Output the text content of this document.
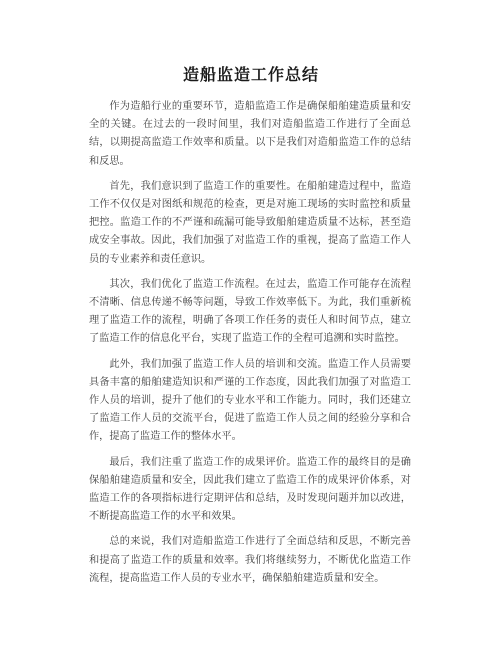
造船监造工作总结

作为造船行业的重要环节，造船监造工作是确保船舶建造质量和安全的关键。在过去的一段时间里，我们对造船监造工作进行了全面总结，以期提高监造工作效率和质量。以下是我们对造船监造工作的总结和反思。

首先，我们意识到了监造工作的重要性。在船舶建造过程中，监造工作不仅仅是对图纸和规范的检查，更是对施工现场的实时监控和质量把控。监造工作的不严谨和疏漏可能导致船舶建造质量不达标，甚至造成安全事故。因此，我们加强了对监造工作的重视，提高了监造工作人员的专业素养和责任意识。

其次，我们优化了监造工作流程。在过去，监造工作可能存在流程不清晰、信息传递不畅等问题，导致工作效率低下。为此，我们重新梳理了监造工作的流程，明确了各项工作任务的责任人和时间节点，建立了监造工作的信息化平台，实现了监造工作的全程可追溯和实时监控。

此外，我们加强了监造工作人员的培训和交流。监造工作人员需要具备丰富的船舶建造知识和严谨的工作态度，因此我们加强了对监造工作人员的培训，提升了他们的专业水平和工作能力。同时，我们还建立了监造工作人员的交流平台，促进了监造工作人员之间的经验分享和合作，提高了监造工作的整体水平。

最后，我们注重了监造工作的成果评价。监造工作的最终目的是确保船舶建造质量和安全，因此我们建立了监造工作的成果评价体系，对监造工作的各项指标进行定期评估和总结，及时发现问题并加以改进，不断提高监造工作的水平和效果。

总的来说，我们对造船监造工作进行了全面总结和反思，不断完善和提高了监造工作的质量和效率。我们将继续努力，不断优化监造工作流程，提高监造工作人员的专业水平，确保船舶建造质量和安全。
